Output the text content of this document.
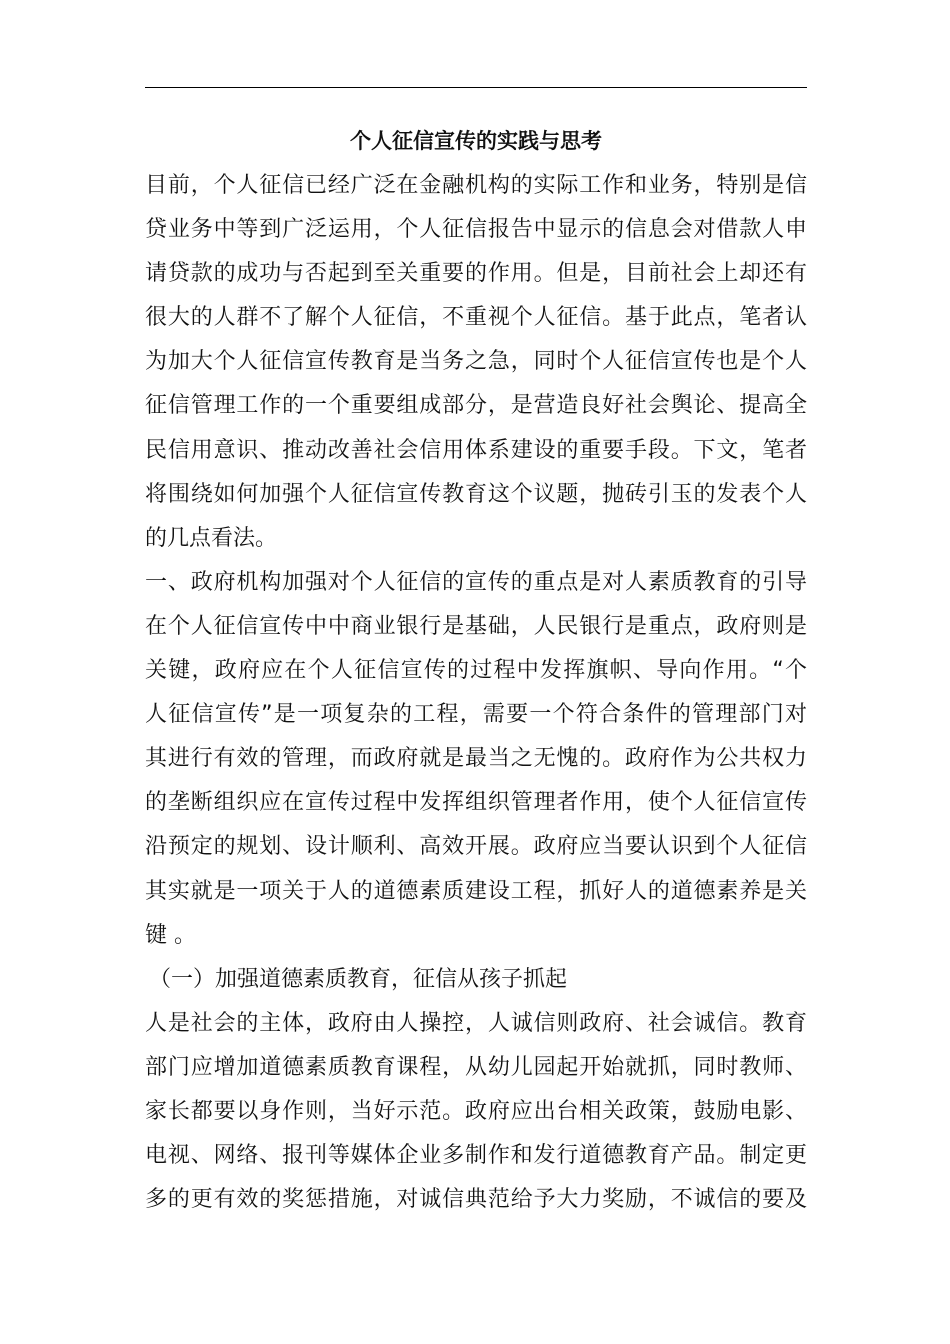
个人征信宣传的实践与思考
目前，个人征信已经广泛在金融机构的实际工作和业务，特别是信
贷业务中等到广泛运用，个人征信报告中显示的信息会对借款人申
请贷款的成功与否起到至关重要的作用。但是，目前社会上却还有
很大的人群不了解个人征信，不重视个人征信。基于此点，笔者认
为加大个人征信宣传教育是当务之急，同时个人征信宣传也是个人
征信管理工作的一个重要组成部分，是营造良好社会舆论、提高全
民信用意识、推动改善社会信用体系建设的重要手段。下文，笔者
将围绕如何加强个人征信宣传教育这个议题，抛砖引玉的发表个人
的几点看法。
一、政府机构加强对个人征信的宣传的重点是对人素质教育的引导
在个人征信宣传中中商业银行是基础，人民银行是重点，政府则是
关键，政府应在个人征信宣传的过程中发挥旗帜、导向作用。“个
人征信宣传”是一项复杂的工程，需要一个符合条件的管理部门对
其进行有效的管理，而政府就是最当之无愧的。政府作为公共权力
的垄断组织应在宣传过程中发挥组织管理者作用，使个人征信宣传
沿预定的规划、设计顺利、高效开展。政府应当要认识到个人征信
其实就是一项关于人的道德素质建设工程，抓好人的道德素养是关
键 。
（一）加强道德素质教育，征信从孩子抓起
人是社会的主体，政府由人操控，人诚信则政府、社会诚信。教育
部门应增加道德素质教育课程，从幼儿园起开始就抓，同时教师、
家长都要以身作则，当好示范。政府应出台相关政策，鼓励电影、
电视、网络、报刊等媒体企业多制作和发行道德教育产品。制定更
多的更有效的奖惩措施，对诚信典范给予大力奖励，不诚信的要及
